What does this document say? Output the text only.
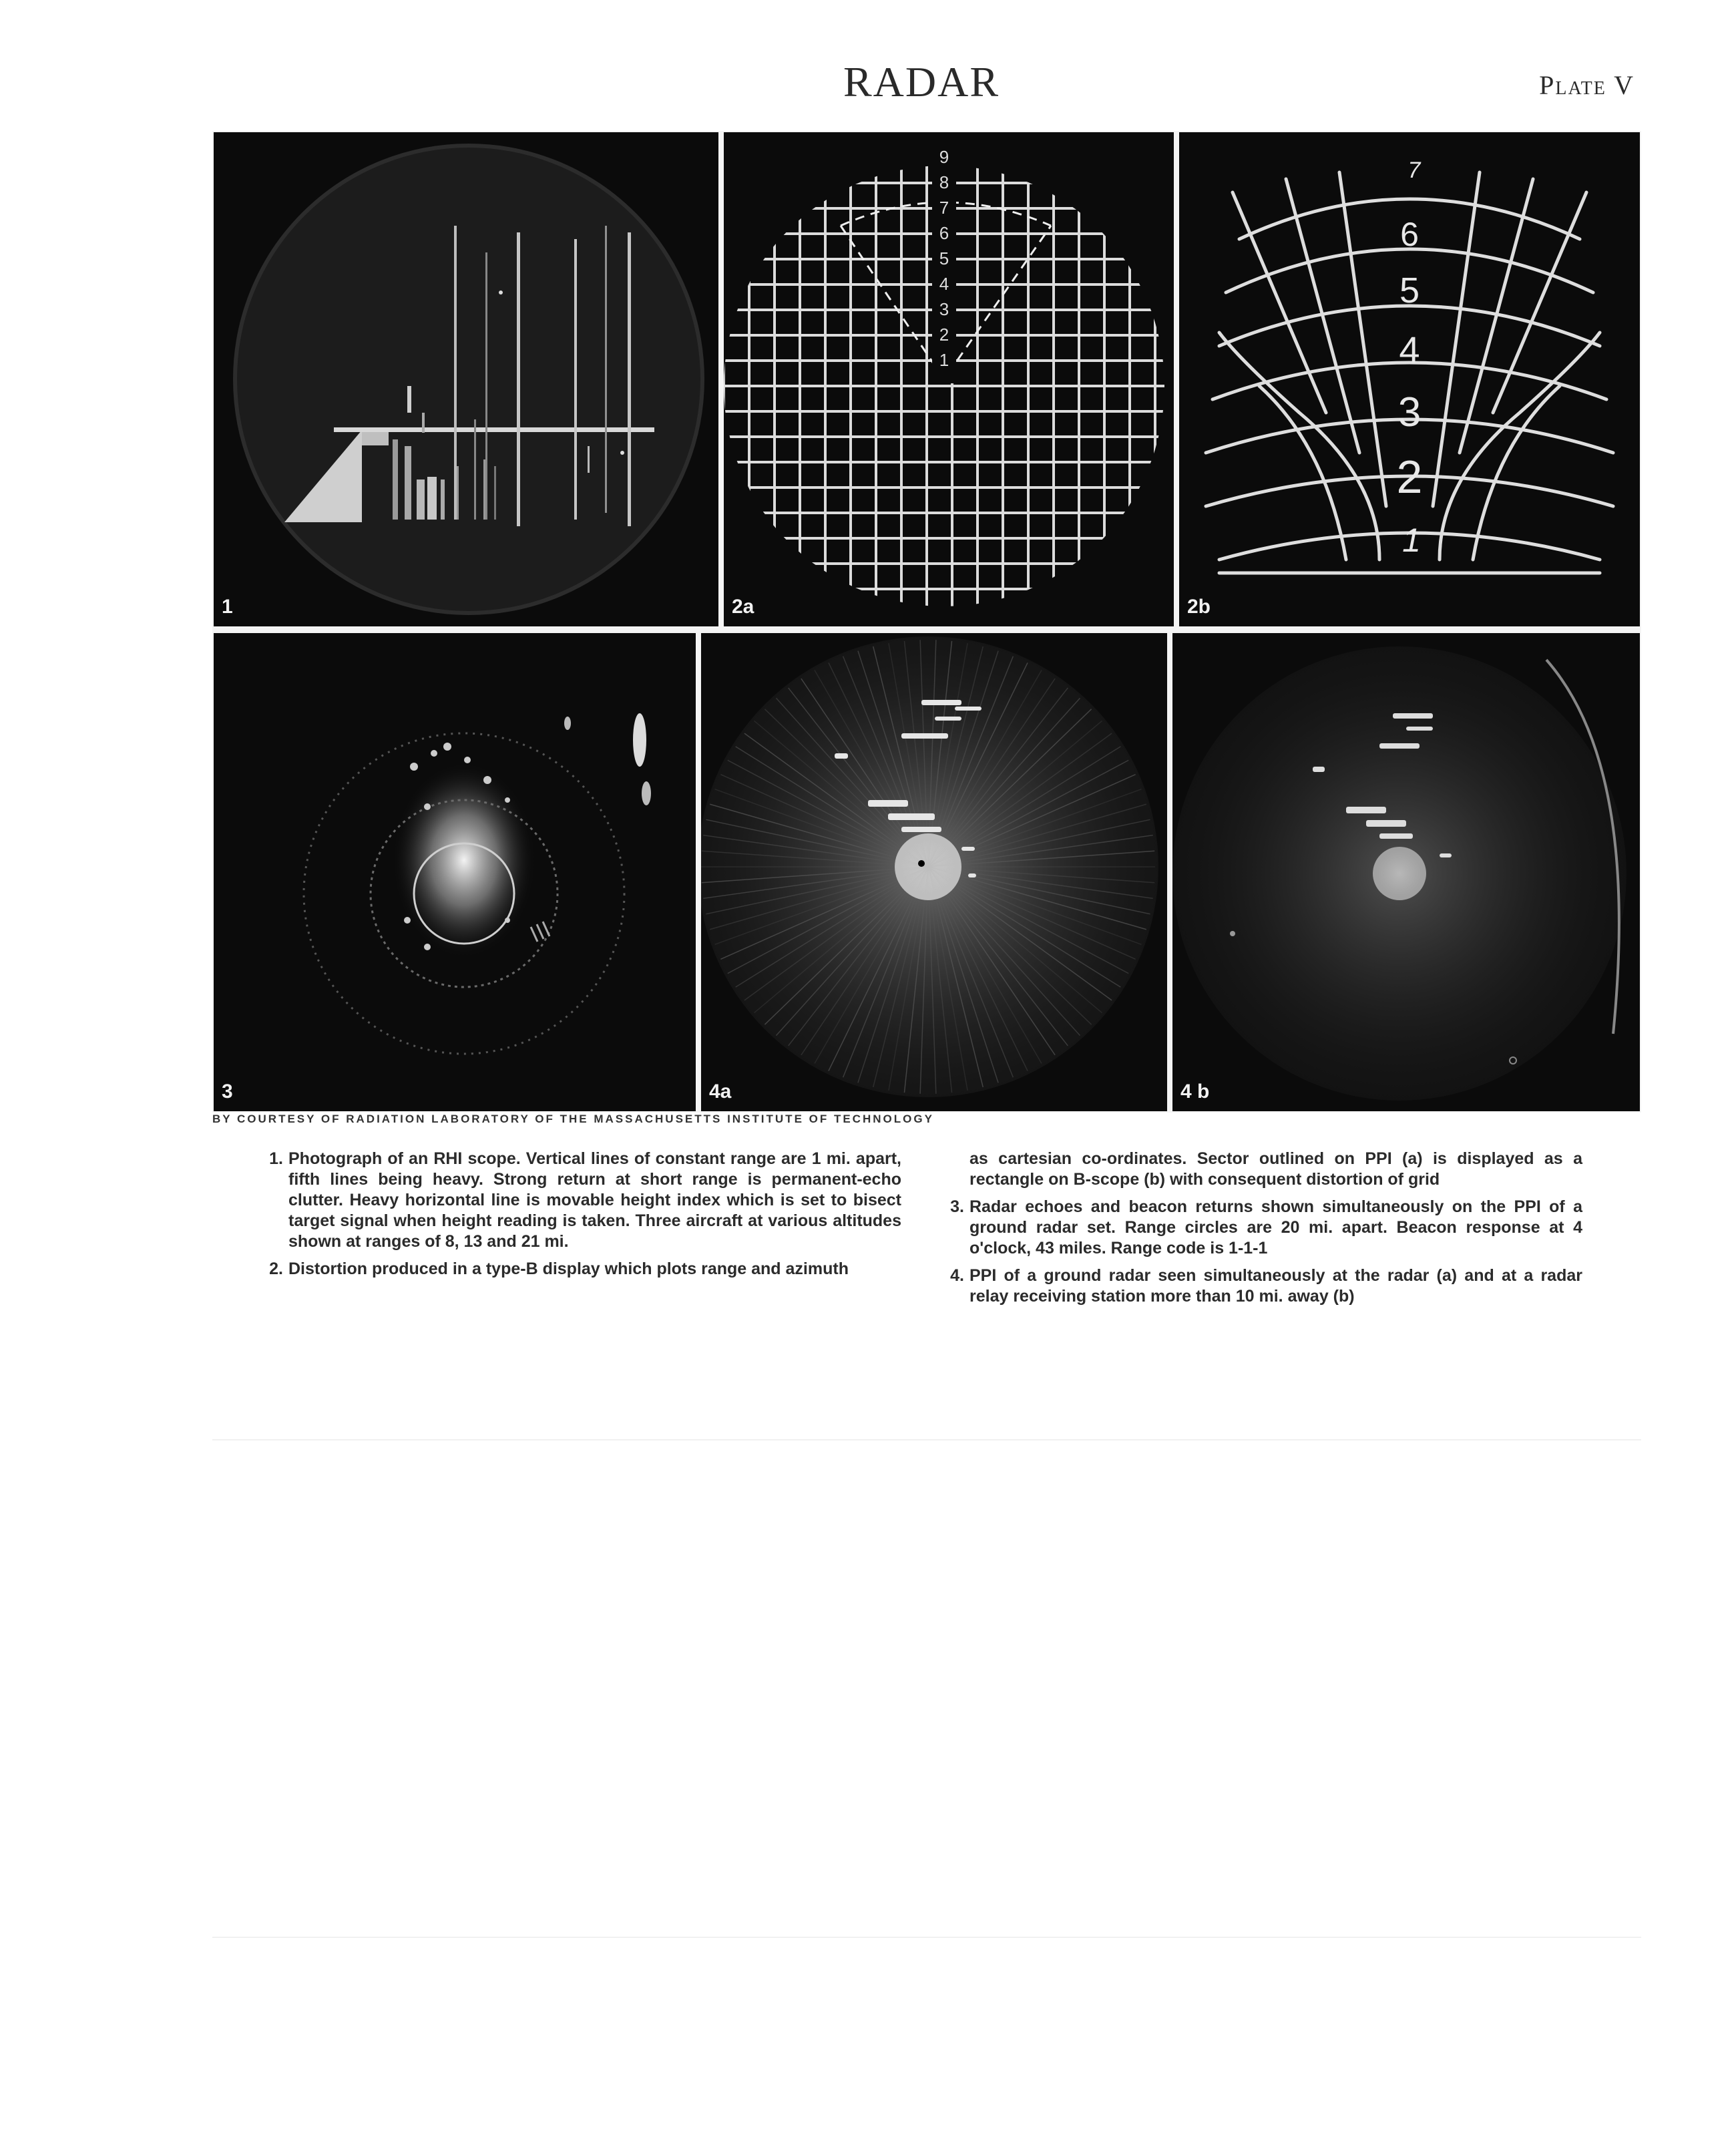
RADAR	Plate V
1
9
8
7
6
5
4
3
2
1
2a
1
2
3
4
5
6
7
2b
3	4a	4 b
BY COURTESY OF RADIATION LABORATORY OF THE MASSACHUSETTS INSTITUTE OF TECHNOLOGY
1. Photograph of an RHI scope. Vertical lines of constant range are 1 mi. apart, fifth lines being heavy. Strong return at short range is permanent-echo clutter. Heavy horizontal line is movable height index which is set to bisect target signal when height reading is taken. Three aircraft at various altitudes shown at ranges of 8, 13 and 21 mi.
2. Distortion produced in a type-B display which plots range and azimuth
as cartesian co-ordinates. Sector outlined on PPI (a) is displayed as a rectangle on B-scope (b) with consequent distortion of grid
3. Radar echoes and beacon returns shown simultaneously on the PPI of a ground radar set. Range circles are 20 mi. apart. Beacon response at 4 o'clock, 43 miles. Range code is 1-1-1
4. PPI of a ground radar seen simultaneously at the radar (a) and at a radar relay receiving station more than 10 mi. away (b)
